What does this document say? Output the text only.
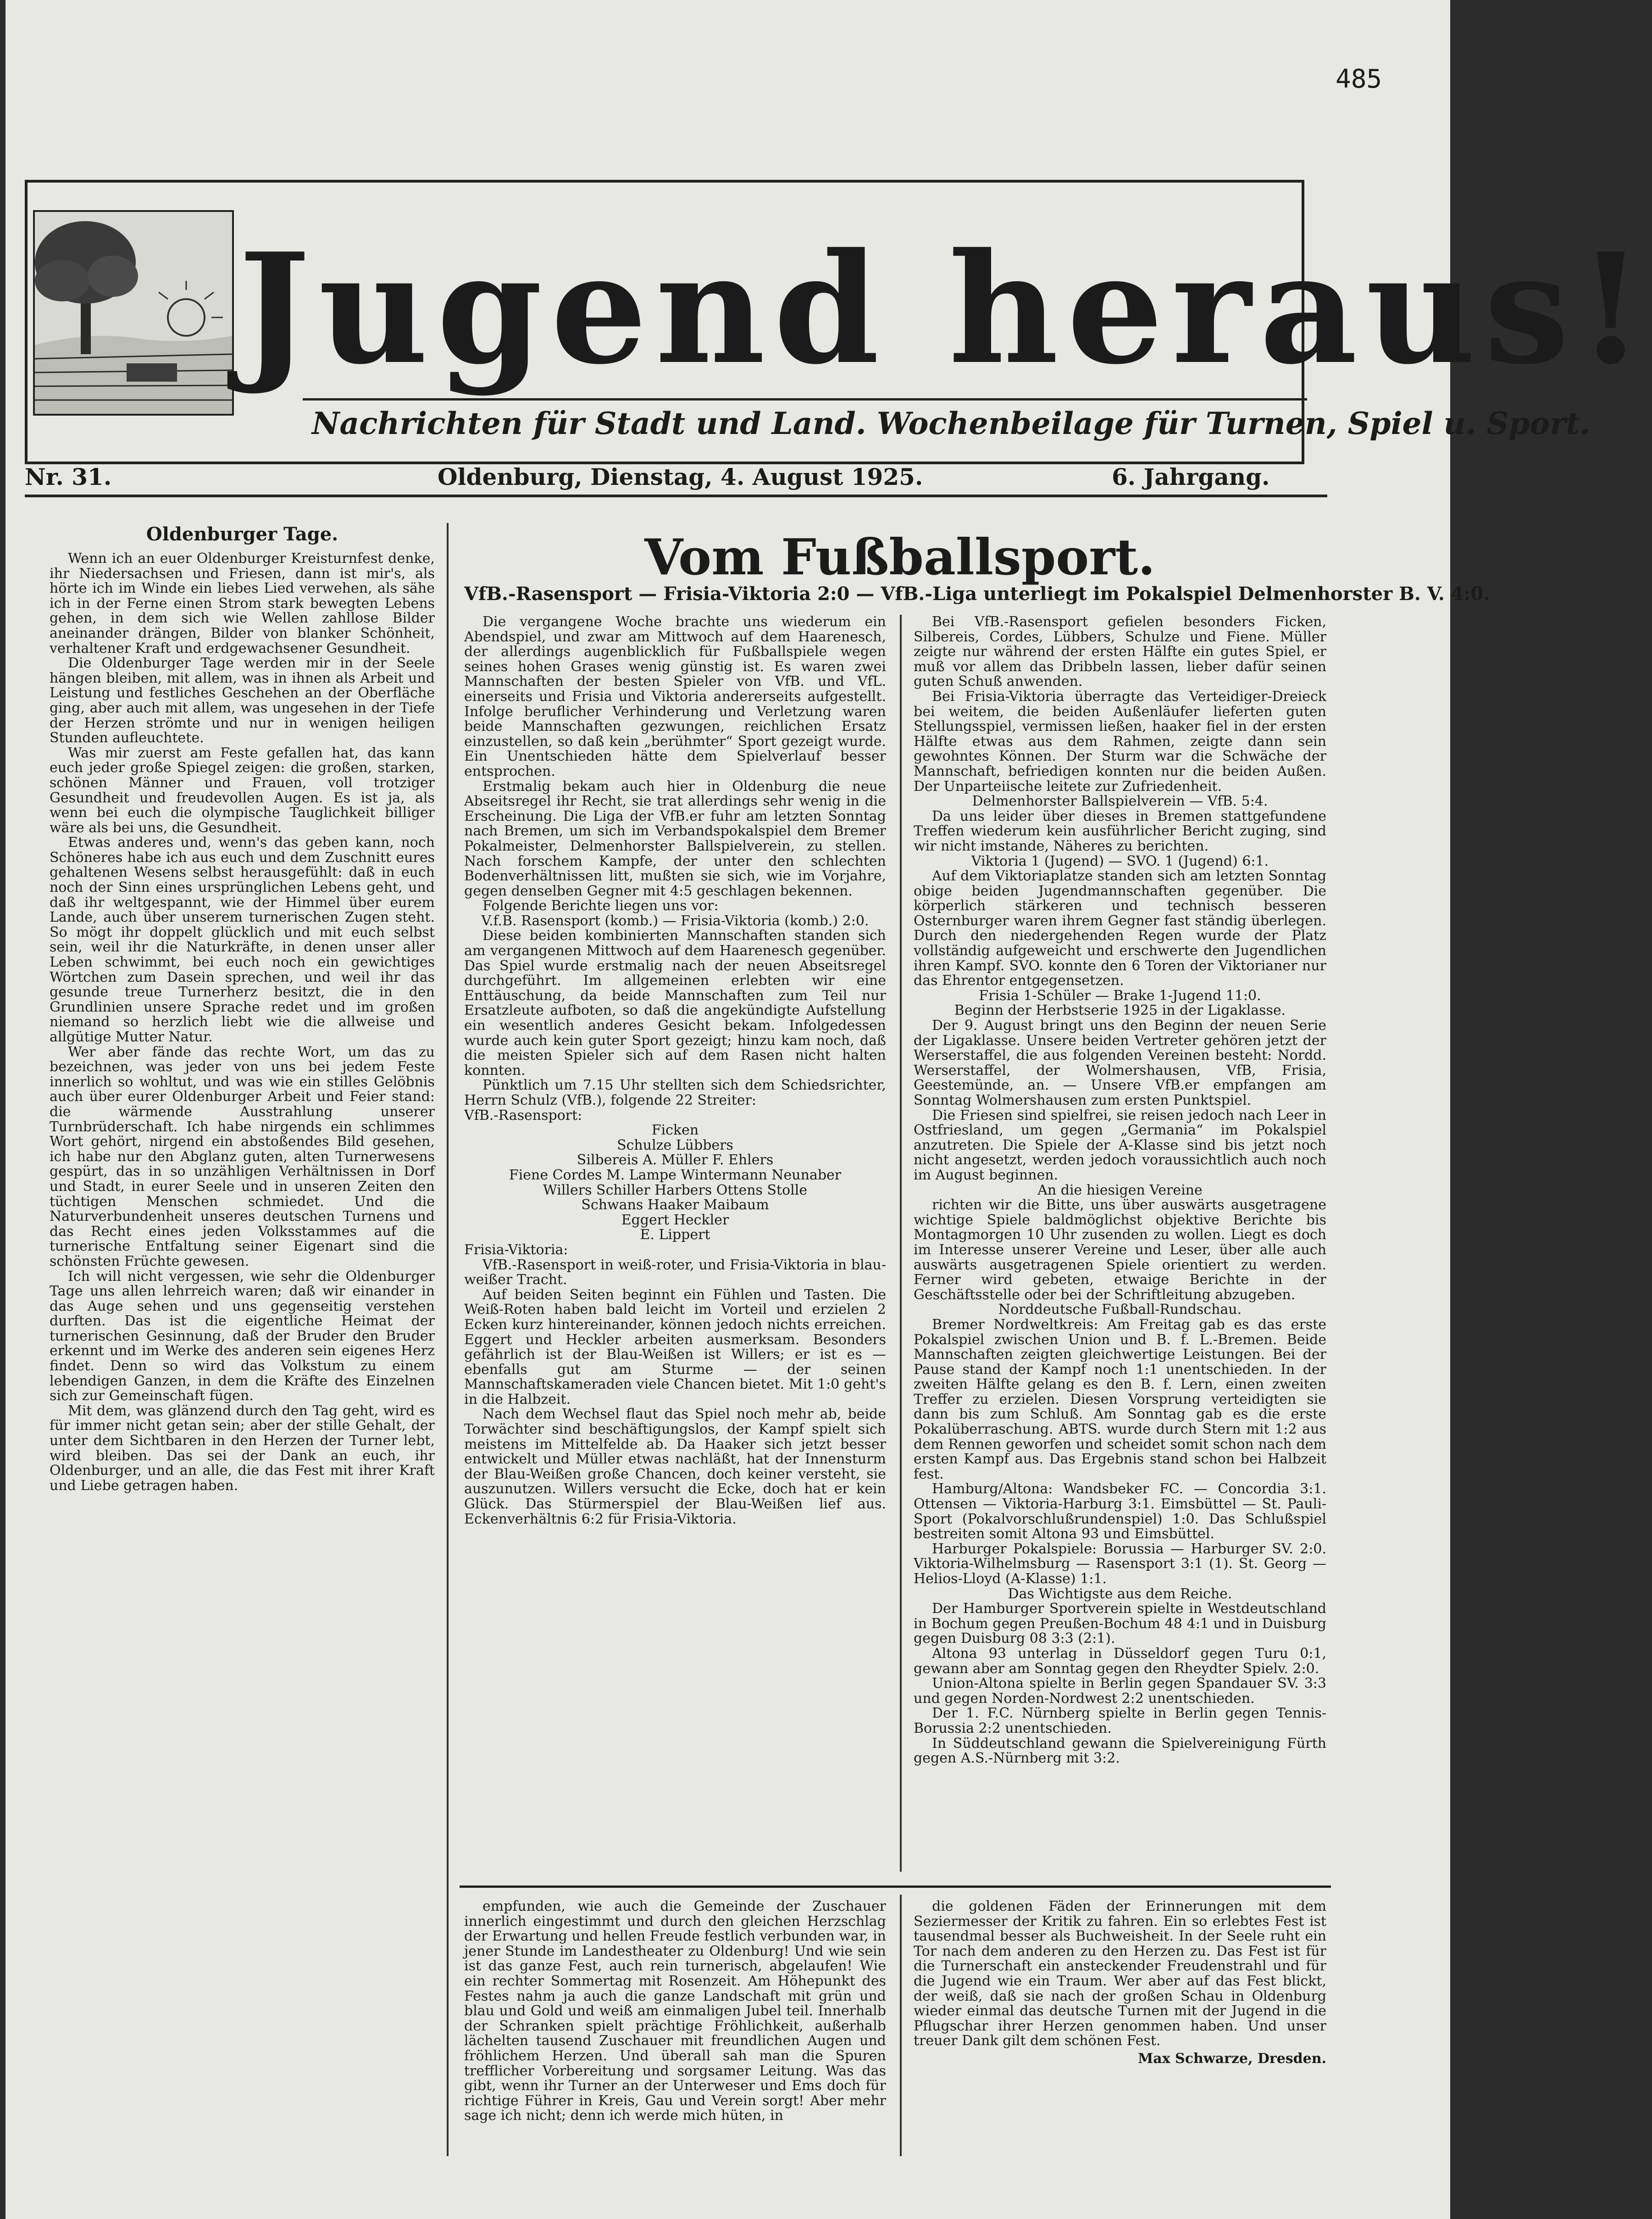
485
Jugend heraus!
Nachrichten für Stadt und Land. Wochenbeilage für Turnen, Spiel u. Sport.
Nr. 31.	Oldenburg, Dienstag, 4. August 1925.	6. Jahrgang.
Oldenburger Tage.

Wenn ich an euer Oldenburger Kreisturnfest denke, ihr Niedersachsen und Friesen, dann ist mir's, als hörte ich im Winde ein liebes Lied verwehen, als sähe ich in der Ferne einen Strom stark bewegten Lebens gehen, in dem sich wie Wellen zahllose Bilder aneinander drängen, Bilder von blanker Schönheit, verhaltener Kraft und erdgewachsener Gesundheit.

Die Oldenburger Tage werden mir in der Seele hängen bleiben, mit allem, was in ihnen als Arbeit und Leistung und festliches Geschehen an der Oberfläche ging, aber auch mit allem, was ungesehen in der Tiefe der Herzen strömte und nur in wenigen heiligen Stunden aufleuchtete.

Was mir zuerst am Feste gefallen hat, das kann euch jeder große Spiegel zeigen: die großen, starken, schönen Männer und Frauen, voll trotziger Gesundheit und freudevollen Augen. Es ist ja, als wenn bei euch die olympische Tauglichkeit billiger wäre als bei uns, die Gesundheit.

Etwas anderes und, wenn's das geben kann, noch Schöneres habe ich aus euch und dem Zuschnitt eures gehaltenen Wesens selbst herausgefühlt: daß in euch noch der Sinn eines ursprünglichen Lebens geht, und daß ihr weltgespannt, wie der Himmel über eurem Lande, auch über unserem turnerischen Zugen steht. So mögt ihr doppelt glücklich und mit euch selbst sein, weil ihr die Naturkräfte, in denen unser aller Leben schwimmt, bei euch noch ein gewichtiges Wörtchen zum Dasein sprechen, und weil ihr das gesunde treue Turnerherz besitzt, die in den Grundlinien unsere Sprache redet und im großen niemand so herzlich liebt wie die allweise und allgütige Mutter Natur.

Wer aber fände das rechte Wort, um das zu bezeichnen, was jeder von uns bei jedem Feste innerlich so wohltut, und was wie ein stilles Gelöbnis auch über eurer Oldenburger Arbeit und Feier stand: die wärmende Ausstrahlung unserer Turnbrüderschaft. Ich habe nirgends ein schlimmes Wort gehört, nirgend ein abstoßendes Bild gesehen, ich habe nur den Abglanz guten, alten Turnerwesens gespürt, das in so unzähligen Verhältnissen in Dorf und Stadt, in eurer Seele und in unseren Zeiten den tüchtigen Menschen schmiedet. Und die Naturverbundenheit unseres deutschen Turnens und das Recht eines jeden Volksstammes auf die turnerische Entfaltung seiner Eigenart sind die schönsten Früchte gewesen.

Ich will nicht vergessen, wie sehr die Oldenburger Tage uns allen lehrreich waren; daß wir einander in das Auge sehen und uns gegenseitig verstehen durften. Das ist die eigentliche Heimat der turnerischen Gesinnung, daß der Bruder den Bruder erkennt und im Werke des anderen sein eigenes Herz findet. Denn so wird das Volkstum zu einem lebendigen Ganzen, in dem die Kräfte des Einzelnen sich zur Gemeinschaft fügen.

Mit dem, was glänzend durch den Tag geht, wird es für immer nicht getan sein; aber der stille Gehalt, der unter dem Sichtbaren in den Herzen der Turner lebt, wird bleiben. Das sei der Dank an euch, ihr Oldenburger, und an alle, die das Fest mit ihrer Kraft und Liebe getragen haben.

Vom Fußballsport.
VfB.-Rasensport — Frisia-Viktoria 2:0 — VfB.-Liga unterliegt im Pokalspiel Delmenhorster B. V. 4:0.

Die vergangene Woche brachte uns wiederum ein Abendspiel, und zwar am Mittwoch auf dem Haarenesch, der allerdings augenblicklich für Fußballspiele wegen seines hohen Grases wenig günstig ist. Es waren zwei Mannschaften der besten Spieler von VfB. und VfL. einerseits und Frisia und Viktoria andererseits aufgestellt. Infolge beruflicher Verhinderung und Verletzung waren beide Mannschaften gezwungen, reichlichen Ersatz einzustellen, so daß kein „berühmter“ Sport gezeigt wurde. Ein Unentschieden hätte dem Spielverlauf besser entsprochen.

Erstmalig bekam auch hier in Oldenburg die neue Abseitsregel ihr Recht, sie trat allerdings sehr wenig in die Erscheinung. Die Liga der VfB.er fuhr am letzten Sonntag nach Bremen, um sich im Verbandspokalspiel dem Bremer Pokalmeister, Delmenhorster Ballspielverein, zu stellen. Nach forschem Kampfe, der unter den schlechten Bodenverhältnissen litt, mußten sie sich, wie im Vorjahre, gegen denselben Gegner mit 4:5 geschlagen bekennen.

Folgende Berichte liegen uns vor:

V.f.B. Rasensport (komb.) — Frisia-Viktoria (komb.) 2:0.

Diese beiden kombinierten Mannschaften standen sich am vergangenen Mittwoch auf dem Haarenesch gegenüber. Das Spiel wurde erstmalig nach der neuen Abseitsregel durchgeführt. Im allgemeinen erlebten wir eine Enttäuschung, da beide Mannschaften zum Teil nur Ersatzleute aufboten, so daß die angekündigte Aufstellung ein wesentlich anderes Gesicht bekam. Infolgedessen wurde auch kein guter Sport gezeigt; hinzu kam noch, daß die meisten Spieler sich auf dem Rasen nicht halten konnten.

Pünktlich um 7.15 Uhr stellten sich dem Schiedsrichter, Herrn Schulz (VfB.), folgende 22 Streiter:

VfB.-Rasensport:

Ficken

Schulze Lübbers

Silbereis A. Müller F. Ehlers

Fiene Cordes M. Lampe Wintermann Neunaber

Willers Schiller Harbers Ottens Stolle

Schwans Haaker Maibaum

Eggert Heckler

E. Lippert

Frisia-Viktoria:

VfB.-Rasensport in weiß-roter, und Frisia-Viktoria in blau-weißer Tracht.

Auf beiden Seiten beginnt ein Fühlen und Tasten. Die Weiß-Roten haben bald leicht im Vorteil und erzielen 2 Ecken kurz hintereinander, können jedoch nichts erreichen. Eggert und Heckler arbeiten ausmerksam. Besonders gefährlich ist der Blau-Weißen ist Willers; er ist es — ebenfalls gut am Sturme — der seinen Mannschaftskameraden viele Chancen bietet. Mit 1:0 geht's in die Halbzeit.

Nach dem Wechsel flaut das Spiel noch mehr ab, beide Torwächter sind beschäftigungslos, der Kampf spielt sich meistens im Mittelfelde ab. Da Haaker sich jetzt besser entwickelt und Müller etwas nachläßt, hat der Innensturm der Blau-Weißen große Chancen, doch keiner versteht, sie auszunutzen. Willers versucht die Ecke, doch hat er kein Glück. Das Stürmerspiel der Blau-Weißen lief aus. Eckenverhältnis 6:2 für Frisia-Viktoria.

Bei VfB.-Rasensport gefielen besonders Ficken, Silbereis, Cordes, Lübbers, Schulze und Fiene. Müller zeigte nur während der ersten Hälfte ein gutes Spiel, er muß vor allem das Dribbeln lassen, lieber dafür seinen guten Schuß anwenden.

Bei Frisia-Viktoria überragte das Verteidiger-Dreieck bei weitem, die beiden Außenläufer lieferten guten Stellungsspiel, vermissen ließen, haaker fiel in der ersten Hälfte etwas aus dem Rahmen, zeigte dann sein gewohntes Können. Der Sturm war die Schwäche der Mannschaft, befriedigen konnten nur die beiden Außen. Der Unparteiische leitete zur Zufriedenheit.

Delmenhorster Ballspielverein — VfB. 5:4.

Da uns leider über dieses in Bremen stattgefundene Treffen wiederum kein ausführlicher Bericht zuging, sind wir nicht imstande, Näheres zu berichten.

Viktoria 1 (Jugend) — SVO. 1 (Jugend) 6:1.

Auf dem Viktoriaplatze standen sich am letzten Sonntag obige beiden Jugendmannschaften gegenüber. Die körperlich stärkeren und technisch besseren Osternburger waren ihrem Gegner fast ständig überlegen. Durch den niedergehenden Regen wurde der Platz vollständig aufgeweicht und erschwerte den Jugendlichen ihren Kampf. SVO. konnte den 6 Toren der Viktorianer nur das Ehrentor entgegensetzen.

Frisia 1-Schüler — Brake 1-Jugend 11:0.

Beginn der Herbstserie 1925 in der Ligaklasse.

Der 9. August bringt uns den Beginn der neuen Serie der Ligaklasse. Unsere beiden Vertreter gehören jetzt der Werserstaffel, die aus folgenden Vereinen besteht: Nordd. Werserstaffel, der Wolmershausen, VfB, Frisia, Geestemünde, an. — Unsere VfB.er empfangen am Sonntag Wolmershausen zum ersten Punktspiel.

Die Friesen sind spielfrei, sie reisen jedoch nach Leer in Ostfriesland, um gegen „Germania“ im Pokalspiel anzutreten. Die Spiele der A-Klasse sind bis jetzt noch nicht angesetzt, werden jedoch voraussichtlich auch noch im August beginnen.

An die hiesigen Vereine

richten wir die Bitte, uns über auswärts ausgetragene wichtige Spiele baldmöglichst objektive Berichte bis Montagmorgen 10 Uhr zusenden zu wollen. Liegt es doch im Interesse unserer Vereine und Leser, über alle auch auswärts ausgetragenen Spiele orientiert zu werden. Ferner wird gebeten, etwaige Berichte in der Geschäftsstelle oder bei der Schriftleitung abzugeben.

Norddeutsche Fußball-Rundschau.

Bremer Nordweltkreis: Am Freitag gab es das erste Pokalspiel zwischen Union und B. f. L.-Bremen. Beide Mannschaften zeigten gleichwertige Leistungen. Bei der Pause stand der Kampf noch 1:1 unentschieden. In der zweiten Hälfte gelang es den B. f. Lern, einen zweiten Treffer zu erzielen. Diesen Vorsprung verteidigten sie dann bis zum Schluß. Am Sonntag gab es die erste Pokalüberraschung. ABTS. wurde durch Stern mit 1:2 aus dem Rennen geworfen und scheidet somit schon nach dem ersten Kampf aus. Das Ergebnis stand schon bei Halbzeit fest.

Hamburg/Altona: Wandsbeker FC. — Concordia 3:1. Ottensen — Viktoria-Harburg 3:1. Eimsbüttel — St. Pauli-Sport (Pokalvorschlußrundenspiel) 1:0. Das Schlußspiel bestreiten somit Altona 93 und Eimsbüttel.

Harburger Pokalspiele: Borussia — Harburger SV. 2:0. Viktoria-Wilhelmsburg — Rasensport 3:1 (1). St. Georg — Helios-Lloyd (A-Klasse) 1:1.

Das Wichtigste aus dem Reiche.

Der Hamburger Sportverein spielte in Westdeutschland in Bochum gegen Preußen-Bochum 48 4:1 und in Duisburg gegen Duisburg 08 3:3 (2:1).

Altona 93 unterlag in Düsseldorf gegen Turu 0:1, gewann aber am Sonntag gegen den Rheydter Spielv. 2:0.

Union-Altona spielte in Berlin gegen Spandauer SV. 3:3 und gegen Norden-Nordwest 2:2 unentschieden.

Der 1. F.C. Nürnberg spielte in Berlin gegen Tennis-Borussia 2:2 unentschieden.

In Süddeutschland gewann die Spielvereinigung Fürth gegen A.S.-Nürnberg mit 3:2.

empfunden, wie auch die Gemeinde der Zuschauer innerlich eingestimmt und durch den gleichen Herzschlag der Erwartung und hellen Freude festlich verbunden war, in jener Stunde im Landestheater zu Oldenburg! Und wie sein ist das ganze Fest, auch rein turnerisch, abgelaufen! Wie ein rechter Sommertag mit Rosenzeit. Am Höhepunkt des Festes nahm ja auch die ganze Landschaft mit grün und blau und Gold und weiß am einmaligen Jubel teil. Innerhalb der Schranken spielt prächtige Fröhlichkeit, außerhalb lächelten tausend Zuschauer mit freundlichen Augen und fröhlichem Herzen. Und überall sah man die Spuren trefflicher Vorbereitung und sorgsamer Leitung. Was das gibt, wenn ihr Turner an der Unterweser und Ems doch für richtige Führer in Kreis, Gau und Verein sorgt! Aber mehr sage ich nicht; denn ich werde mich hüten, in

die goldenen Fäden der Erinnerungen mit dem Seziermesser der Kritik zu fahren. Ein so erlebtes Fest ist tausendmal besser als Buchweisheit. In der Seele ruht ein Tor nach dem anderen zu den Herzen zu. Das Fest ist für die Turnerschaft ein ansteckender Freudenstrahl und für die Jugend wie ein Traum. Wer aber auf das Fest blickt, der weiß, daß sie nach der großen Schau in Oldenburg wieder einmal das deutsche Turnen mit der Jugend in die Pflugschar ihrer Herzen genommen haben. Und unser treuer Dank gilt dem schönen Fest.

Max Schwarze, Dresden.
